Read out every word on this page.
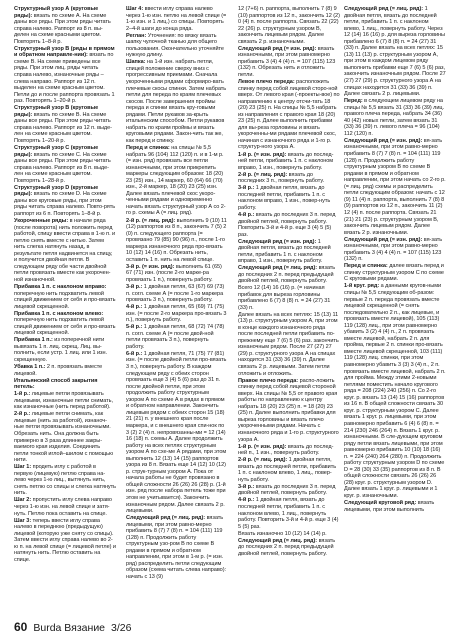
Структурный узор А (круговые ряды): вязать по схеме А. На схеме даны все ряды. При этом ряды читать справа налево. Раппорт из 8 п. вы-делен на схеме красными цветом. Повторять 1–8-й р.

Структурный узор В (ряды в прямом и обратном направле-нии): вязать по схеме В. На схеме приведены все ряды. При этом лиц. ряды читать справа налево, изнаночные ряды – слева направо. Раппорт из 12 п. выделен на схеме красным цветом. Петли до и после раппорта провязать 1 раз. Повторять 1–20-й р.

Структурный узор В (круговые ряды): вязать по схеме В. На схеме даны все ряды. При этом ряды читать справа налево. Раппорт из 12 п. выде-лен на схеме красным цветом. Повторять 1–20-й р.

Структурный узор С (круговые ряды): вязать по схеме С. На схеме даны все ряды. При этом ряды читать справа налево. Раппорт из 8 п. выде-лен на схеме красным цветом. Повторять 1–28-й р.

Структурный узор D (круговые ряды): вязать по схеме D. На схеме даны все круговые ряды, при этом ряды читать справа налево. Повто-рять раппорт из 6 п. Повторять 1–8-й р.

Укороченные ряды: в начале ряда (после поворота) нить положить перед работой, спицу ввести справа в 1-ю п. и петлю снять вместе с нитью. Затем нить слегка натянуть назад, в результате петля надвинется на спицу, и получится двойная петля. В следующем ряду обе части двойной петли провязать вместе как укорочен-ной изнаночной.

Прибавка 1 п. с наклоном вправо: поперечную нить подхватить левой спицей движением от себя и про-вязать лицевой скрещенной.

Прибавка 1 п. с наклоном влево: поперечную нить подхватить левой спицей движением от себя и про-вязать лицевой скрещенной.

Прибавка 1 п.: из поперечной нити вывязать 1 п. лиц. скрещ. Лиц. вы-полнить, если устр. 1 лиц. или 1 изн. скрещенную.

Убавка 1 п.: 2 п. провязать вместе лицевой.

Итальянский способ закрытия петель:

1-й р.: лицевые петли провязывать лицевыми, изнаночные петли снимать, как изнаночные (нить перед работой).

2-й р.: лицевые петли снимать, как лицевые (нить за работой), изнаноч-ные петли провязывать изнаночными. Обрезать нить. Она должна быть примерно в 3 раза длиннее закры-ваемого края изделия. Соединить петли тонкой иглой–шилом с помощью нити.

Шаг 1: продеть иглу с работой в первую (лицевую) петлю справа на-лево через 1-ю лиц., вытянуть нить, снять петлю со спицы и слегка натянуть нить.

Шаг 2: пропустить иглу слева направо через 1-ю изн. на левой спице и затя-нуть. Петлю пока оставить на спице.

Шаг 3: теперь ввести иглу справа налево в переднюю (предыдущую) лицевой (которую уже сняту со спицы). Затем ввести иглу справа налево во 2-ю п. на левой спице (= лицевой петле) и натянуть нить. Петлю оставить на спице.

Шаг 4: ввести иглу справа налево через 1-ю изн. петлю на левой спице (= 1-ю изн. и 1 лиц.) со спицы. Повторять 2–4-й шаги до конца ряда.

Реглан: Уточнения: по вязку вязать шапку чулочной тканью для общего пользования. Окончательно уточняйте нужную длину.

Шапка: на 1-й изн. набрать петли, спицей положение сверху вниз с прогрессивным приемами. Сначала укороченными рядами сформиро-вать плечевые скосы спинки. Затем набрать петли для переда по краям плечевых скосов. После завершения проймы переда и спинки вязать кру-говыми рядами. Петли рукавов за-крыть итальянским способом. Петли рукавов набрать по краям проймы и вязать круговыми рядами. Закон-чить так же, как перед и спинку.

Перед и спинка: на спицы № 5,5 набрать 96 (104) 112 (120) п. и в 1-м р. (= изн. ряд) провязать все петли изнаночными, при этом прикрепить маркеры следующим образом: 18 (20) 23 (25) изн., 14 маркер, 60 (64) 66 (70) изн., 2-й маркер, 18 (20) 23 (25) изн. Далее вязать плечевой скос укоро-ченными рядами и одновременно начать вязать структурный узор А со 2-го р. схемы А (= лиц. ряд).

2-й р. (= лиц. ряд): выполнить 9 (10) 11 (12) раппортов из 8 п., закончить 7 (5) 2 (0) п. следующего раппорта (= провязано 79 (85) 90 (96) п., после 1-го маркера изнаночного ряда про-вязать 10 (12) 14 (16) п. Обрезать нить, оставить 1 п. нить на левой спице.

3-й р. (= изн. ряд): выполнить 61 (65) 67 (71) изн. (после 2-го марке-ра провязать 1 п.), повернуть работу.

3-й р.: 1 двойная петля, 63 (67) 69 (73) п. согл. схеме А (= после 1-го маркера провязать 3 п.), повернуть работу.

4-й р.: 1 двойная петля, 65 (69) 71 (75) изн. (= после 2-го маркера про-вязать 3 п.), повернуть работу.

5-й р.: 1 двойная петля, 68 (72) 74 (78) п. согл. схеме А (= после двой-ной петли провязать 3 п.), повернуть работу.

6-й р.: 1 двойная петля, 71 (75) 77 (81) изн. (= после двойной петли про-вязать 3 п.), повернуть работу. В каждом следующем ряду с обеих сторон провязать еще 3 (4) 5 (6) раз до 31 п. после двойной петли, при этом продолжить работу структурным узором А по схеме А в рядах в прямом и обратном направлении. Закончить лицевым рядом с обеих сторон 15 (18) 21 (21) п. у внешнего края после маркера, и с внешнего края спи-нок по 3 (2) 2 (4) п. непровязанны-ми = 12 (14) 16 (18) п. схемы А. Далее продолжить работу на всех петлях структурным узором А по схе-ме А рядами, при этом выполнить 12 (13) 14 (15) раппортов узора из 8 п. Вязать еще 14 (12) 10 (12) р. струк-турным узором А. Пока от начала работы не будет провязано в общей сложности 26 (26) 26 (28) р. (1-й изн. ряд после набора петель тоже при этом не учитывается). Закончить изнаночным рядом. Далее связать 2 р. лицевыми.

Следующий ряд (= лиц. ряд): вязать лицевыми, при этом равно-мерно прибавить 8 (7) 7 (8) п. = 104 (111) 119 (128) п. Продолжить работу структурным узо-ром В по схеме В рядами в прямом и обратном направлении, при этом в 1-м р. (= изн. ряд) распределить петли следующим образом (схема читать слева направо): начать с 13 (9)

12 (7+6) п. раппорта, выполнить 7 (8) 9 (10) раппортов из 12 п., закончить 12 (2) 0 (4) п. после раппорта. Связать 22 (22) 22 (26) р. структурным узором В, закончить лицевым рядом. Далее связать 2 р. изнаночными.

Следующий ряд (= изн. ряд): вязать изнаночными, при этом равномерно прибавить 3 (4) 4 (4) п. = 107 (115) 123 (132) п. Обрезать нить и отложить петли.

Левое плечо переда: расположить спинку перед собой лицевой сторо-ной вверх. От левого края (-проекты-вое) по направлению к центру отсчи-тать 18 (20) 23 (25) п. На спицы № 5,5 набрать из направления с правого края 18 (20) 23 (25) п. Далее выполнить прибавки для вы-реза горловины и вязать укороченны-ми рядами плечевой скос, начиная с изнаночного ряда и 1-го р. структур-ного узора А.

1-й р. (= изн. ряд): вязать до послед-ней петли, прибавить 1 п. с наклоном вправо, 1 изн., повернуть работу.

2-й р. (= лиц. ряд): вязать до последних 3 п., повернуть работу.

3-й р.: 1 двойная петля, вязать до последней петли, прибавить 1 п. с наклоном вправо, 1 изн., повер-нуть работу.

4-й р.: вязать до последних 3 п. перед двойной петлей, повернуть работу. Повторить 3-й и 4-й р. еще 3 (4) 5 (5) раз.

Следующий ряд (= изн. ряд): 1 двойная петля, вязать до последней петли, прибавить 1 п. с наклоном вправо, 1 изн., повернуть работу.

Следующий ряд (= лиц. ряд): вязать до последних 2 п. перед предыдущей двойной петлей, повернуть работу. Всего 12 (14) 16 (16) р. (= начиная прибавок для выреза горловины прибавлено 6 (7) 8 (8) п. = 24 (27) 31 (33) п.

Далее вязать на всех петлях: 15 (13) 11 (13) р. структурным узором А, при этом в конце каждого изнаночного ряда после последней петли прибавить по-прежнему еще 7 (6) 5 (6) раз. закончить изнаночным рядом. После 27 (27) 27 (29) р. структурного узора А на спицах находится 31 (33) 36 (39) п. Далее связать 2 р. лицевыми. Затем петли отложить и отложить.

Правое плечо переда: распо-ложить спинку перед собой лицевой стороной вверх. На спицы № 5,5 от правого края работы по направлению к центру набрать 18 (20) 23 (25) п. = 18 (20) 23 (25) п. Далее выполнить прибавки для выреза горловины и вязать плечо укороченными рядами. Начать с изнаночного ряда и 1-го р. структурного узора А.

1-й р. (= изн. ряд): вязать до послед-ней п., 1 изн., повернуть работу.

2-й р. (= лиц. ряд): 1 двойная петля, вязать до последней петли, прибавить 1 п. с наклоном влево, 1 лиц., повер-нуть работу.

3-й р.: вязать до последних 3 п. перед двойной петлей, повернуть работу.

4-й р.: 1 двойная петля, вязать до последней петли, прибавить 1 п. с наклоном влево, 1 лиц., повернуть работу. Повторить 3-й и 4-й р. еще 3 (4) 5 (5) раз.

Вязать изнаночно 10 (12) 14 (14) р.

Следующий ряд (= лиц. ряд): вязать до последних 2 п. перед предыдущей двойной петлей, повернуть работу.

Следующий ряд (= лиц. ряд): 1 двойная петля, вязать до последней петли, прибавить 1 п. с наклоном влево, 1 лиц., повернуть работу. Через 12 (14) 16 (16) р. для выреза горловины прибавлено 6 (7) 8 (8) п. = 24 (27) 31 (33) п. Далее вязать на всех петлях: 15 (13) 11 (13) р. структурным узором А, при этом в каждом лицевом ряду выполнить прибавки еще 7 (6) 5 (6) раз, закончить изнаночным рядом. После 27 (27) 27 (29) р. структурного узора А на спицах находится 31 (33) 36 (39) п. Далее связать 2 р. лицевыми.

Перед: в следующем лицевом ряду на спицы № 5,5 вязать 31 (33) 36 (39) лиц. правого плеча переда, набрать 34 (36) 40 (42) новых петли, затем вязать 31 (33) 36 (39) п. левого плеча = 96 (104) 112 (120) п.

Следующий ряд (= изн. ряд): вя-зать изнаночными, при этом равно-мерно прибавить 8 (7) 7 (8) п. = 104 (111) 119 (128) п. Продолжить работу структурным узором В по схеме В рядами в прямом и обратном направлении, при этом начать со 2-го р. (= лиц. ряд) схемы и распределить петли следующим образом: начать с 12 (9) 11 (4) п. раппорта, выполнить 7 (8) 8 (9) раппортов из 12 п., закончить 11 (2) 12 (4) п. после раппорта. Связать 21 (21) 21 (23) р. структурным узором В, закончить лицевым рядом. Далее вязать 2 р. изнаночными.

Следующий ряд (= изн. ряд): вя-зать изнаночными, при этом равно-мерно прибавить 3 (4) 4 (4) п. = 107 (115) 123 (132) п.

Перед и спинка: далее вязать перед и спинку структурным узором С по схеме С круговыми рядами.

1-й круг. ряд: а данными кругов-ными спицы № 5,5 следующим об-разом: первые 2 п. переда провязать вместе лицевой скрещенной (= снять последовательно 2 п., как лицевые, и провязать вместе лицевой), 105 (113) 119 (128) лиц., при этом равномерно убавить 3 (2) 4 (4) п., 2 п. провязать вместе лицевой, набрать 2 п. для пройма, первые 2 п. спинки про-вязать вместе лицевой скрещенной, 103 (111) 119 (128) лиц. спинки, при этом равномерно убавить 3 (3) 3 (4) п., 2 п. провязать вместе лицевой, набрать 2 п. для пройма. Между этими 2-новыми петлями поместить начало кругового ряда = 208 (224) 240 (256) п. Со 2-го круг. р. вязать 13 (14) 15 (16) раппортов из 16 п. В общей сложности связать 30 круг. р. структурным узором С. Далее вязать 1 круг. р. лицевыми, при этом равномерно прибавить 6 (4) 6 (8) п. = 214 (230) 246 (264) п. Вязать 1 круг. р. изнаночными. В сле-дующем круговом ряду петли вязать лицевыми, при этом равномерно прибавить 10 (10) 18 (16) п. = 224 (240) 264 (280) п. Продолжить работу структурным узором D по схеме D = 28 (30) 33 (35) раппортов из 8 п. В общей сложности связать 26 (26) 26 (28) круг. р. структурным узором D. Далее вязать 1 круг. р. лицевыми и 1 круг. р. изнаночными.

Следующий круговой ряд: вязать лицевыми, при этом выполнить

60 Burda Вязание 3/26
